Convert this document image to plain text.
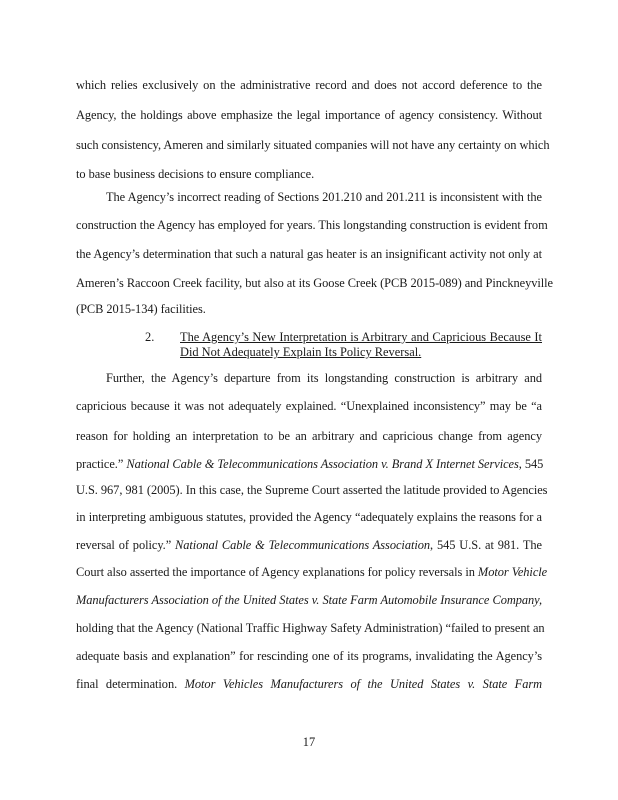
which relies exclusively on the administrative record and does not accord deference to the
Agency, the holdings above emphasize the legal importance of agency consistency. Without
such consistency, Ameren and similarly situated companies will not have any certainty on which
to base business decisions to ensure compliance.
The Agency’s incorrect reading of Sections 201.210 and 201.211 is inconsistent with the
construction the Agency has employed for years. This longstanding construction is evident from
the Agency’s determination that such a natural gas heater is an insignificant activity not only at
Ameren’s Raccoon Creek facility, but also at its Goose Creek (PCB 2015-089) and Pinckneyville
(PCB 2015-134) facilities.
2. The Agency’s New Interpretation is Arbitrary and Capricious Because It
Did Not Adequately Explain Its Policy Reversal.
Further, the Agency’s departure from its longstanding construction is arbitrary and
capricious because it was not adequately explained. “Unexplained inconsistency” may be “a
reason for holding an interpretation to be an arbitrary and capricious change from agency
practice.” National Cable & Telecommunications Association v. Brand X Internet Services, 545
U.S. 967, 981 (2005). In this case, the Supreme Court asserted the latitude provided to Agencies
in interpreting ambiguous statutes, provided the Agency “adequately explains the reasons for a
reversal of policy.” National Cable & Telecommunications Association, 545 U.S. at 981. The
Court also asserted the importance of Agency explanations for policy reversals in Motor Vehicle
Manufacturers Association of the United States v. State Farm Automobile Insurance Company,
holding that the Agency (National Traffic Highway Safety Administration) “failed to present an
adequate basis and explanation” for rescinding one of its programs, invalidating the Agency’s
final determination. Motor Vehicles Manufacturers of the United States v. State Farm
17
